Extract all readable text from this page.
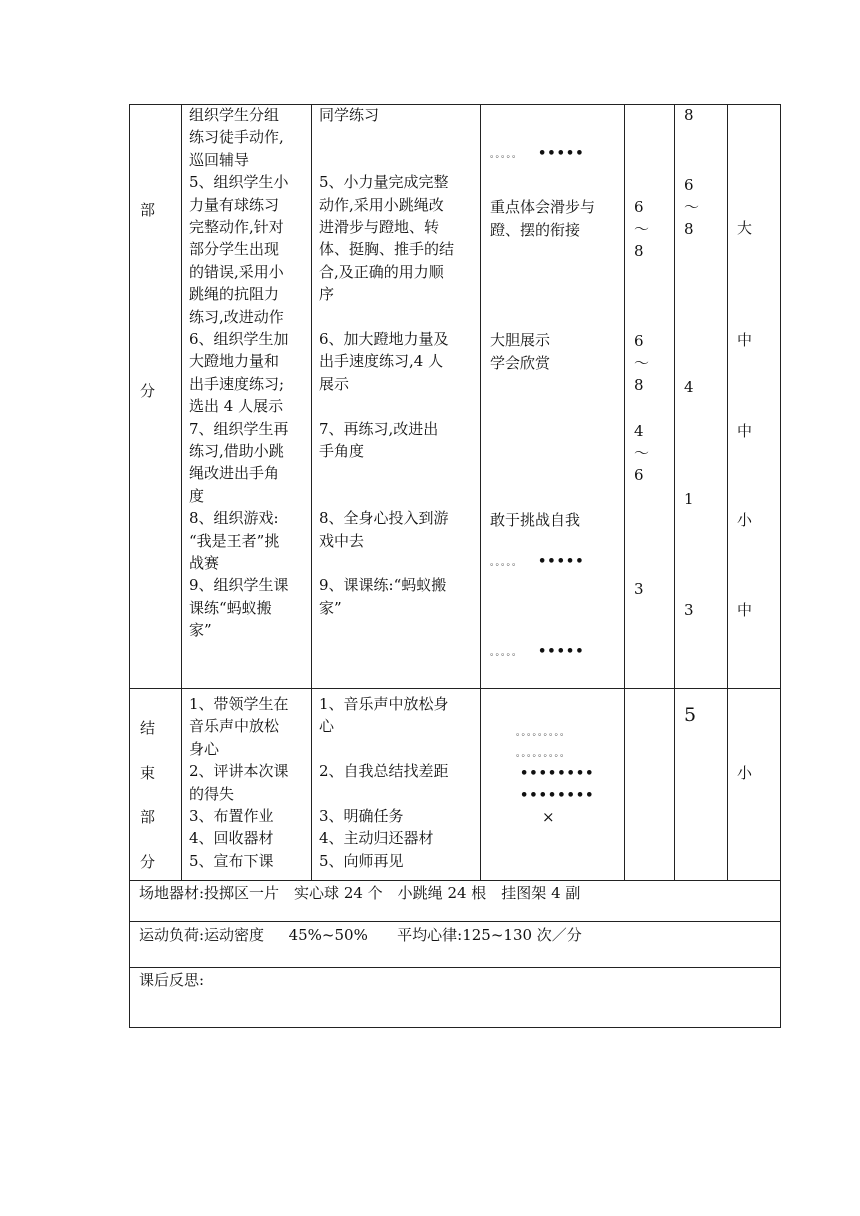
部
分
组织学生分组
练习徒手动作,
巡回辅导
5、组织学生小
力量有球练习
完整动作,针对
部分学生出现
的错误,采用小
跳绳的抗阻力
练习,改进动作
6、组织学生加
大蹬地力量和
出手速度练习;
选出 4 人展示
7、组织学生再
练习,借助小跳
绳改进出手角
度
8、组织游戏:
“我是王者”挑
战赛
9、组织学生课
课练“蚂蚁搬
家”
同学练习
5、小力量完成完整
动作,采用小跳绳改
进滑步与蹬地、转
体、挺胸、推手的结
合,及正确的用力顺
序
6、加大蹬地力量及
出手速度练习,4 人
展示
7、再练习,改进出
手角度
8、全身心投入到游
戏中去
9、课课练:“蚂蚁搬
家”
。。。。。 •••••
重点体会滑步与
蹬、摆的衔接
大胆展示
学会欣赏
敢于挑战自我
。。。。。 •••••
。。。。。 •••••
6
～
8
6
～
8
4
～
6
3
8
6
～
8
4
1
3
大
中
中
小
中
结
束
部
分
1、带领学生在
音乐声中放松
身心
2、评讲本次课
的得失
3、布置作业
4、回收器材
5、宣布下课
1、音乐声中放松身
心
2、自我总结找差距
3、明确任务
4、主动归还器材
5、向师再见
。。。。。。。。。
。。。。。。。。。
••••••••
••••••••
×
5
小
场地器材:投掷区一片　实心球 24 个　小跳绳 24 根　挂图架 4 副
运动负荷:运动密度　  45%~50%　   平均心律:125~130 次／分
课后反思:
